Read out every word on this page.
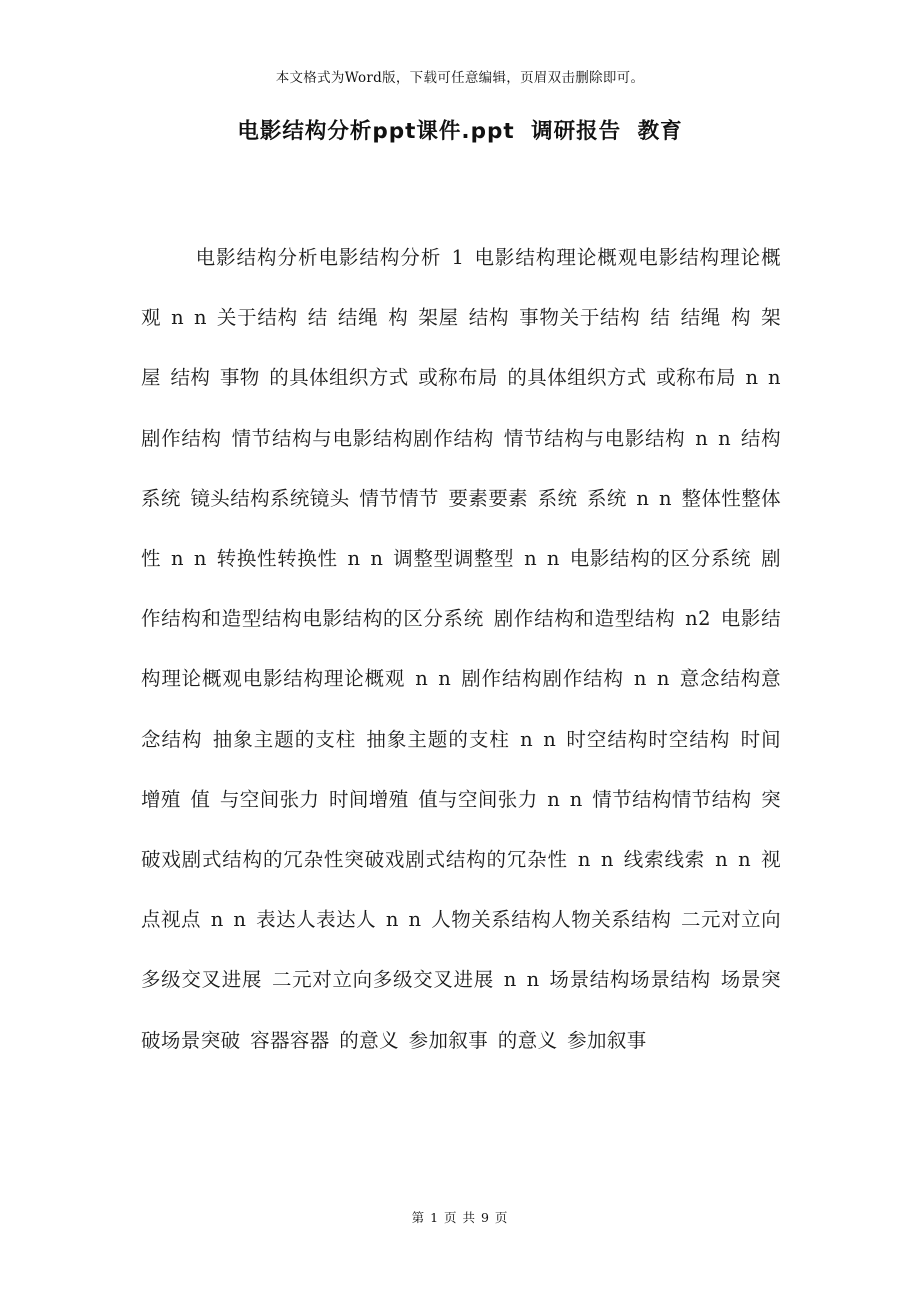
本文格式为Word版，下载可任意编辑，页眉双击删除即可。
电影结构分析ppt课件.ppt 调研报告 教育

电影结构分析电影结构分析 1 电影结构理论概观电影结构理论概观 n n 关于结构 结 结绳 构 架屋 结构 事物关于结构 结 结绳 构 架屋 结构 事物 的具体组织方式 或称布局 的具体组织方式 或称布局 n n 剧作结构 情节结构与电影结构剧作结构 情节结构与电影结构 n n 结构系统 镜头结构系统镜头 情节情节 要素要素 系统 系统 n n 整体性整体性 n n 转换性转换性 n n 调整型调整型 n n 电影结构的区分系统 剧作结构和造型结构电影结构的区分系统 剧作结构和造型结构 n2 电影结构理论概观电影结构理论概观 n n 剧作结构剧作结构 n n 意念结构意念结构 抽象主题的支柱 抽象主题的支柱 n n 时空结构时空结构 时间增殖 值 与空间张力 时间增殖 值与空间张力 n n 情节结构情节结构 突破戏剧式结构的冗杂性突破戏剧式结构的冗杂性 n n 线索线索 n n 视点视点 n n 表达人表达人 n n 人物关系结构人物关系结构 二元对立向多级交叉进展 二元对立向多级交叉进展 n n 场景结构场景结构 场景突破场景突破 容器容器 的意义 参加叙事 的意义 参加叙事

第 1 页 共 9 页
